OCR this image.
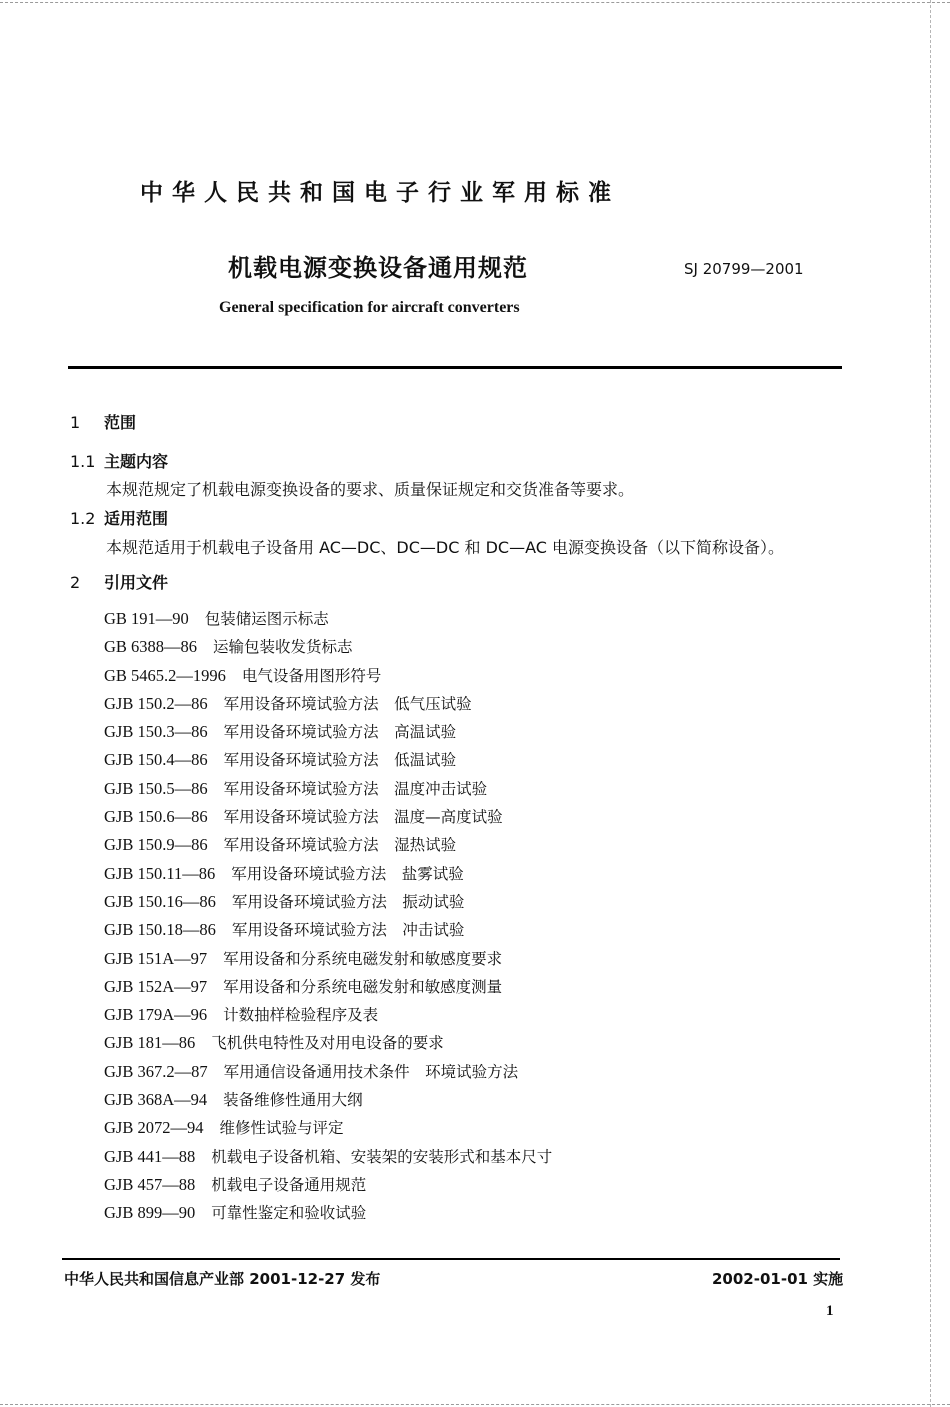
中华人民共和国电子行业军用标准
机载电源变换设备通用规范	SJ 20799—2001
General specification for aircraft converters
1 范围
1.1 主题内容
本规范规定了机载电源变换设备的要求、质量保证规定和交货准备等要求。
1.2 适用范围
本规范适用于机载电子设备用 AC—DC、DC—DC 和 DC—AC 电源变换设备（以下简称设备）。
2 引用文件
GB 191—90 包装储运图示标志
GB 6388—86 运输包装收发货标志
GB 5465.2—1996 电气设备用图形符号
GJB 150.2—86 军用设备环境试验方法　低气压试验
GJB 150.3—86 军用设备环境试验方法　高温试验
GJB 150.4—86 军用设备环境试验方法　低温试验
GJB 150.5—86 军用设备环境试验方法　温度冲击试验
GJB 150.6—86 军用设备环境试验方法　温度—高度试验
GJB 150.9—86 军用设备环境试验方法　湿热试验
GJB 150.11—86 军用设备环境试验方法　盐雾试验
GJB 150.16—86 军用设备环境试验方法　振动试验
GJB 150.18—86 军用设备环境试验方法　冲击试验
GJB 151A—97 军用设备和分系统电磁发射和敏感度要求
GJB 152A—97 军用设备和分系统电磁发射和敏感度测量
GJB 179A—96 计数抽样检验程序及表
GJB 181—86 飞机供电特性及对用电设备的要求
GJB 367.2—87 军用通信设备通用技术条件　环境试验方法
GJB 368A—94 装备维修性通用大纲
GJB 2072—94 维修性试验与评定
GJB 441—88 机载电子设备机箱、安装架的安装形式和基本尺寸
GJB 457—88 机载电子设备通用规范
GJB 899—90 可靠性鉴定和验收试验
中华人民共和国信息产业部 2001-12-27 发布	2002-01-01 实施
1
